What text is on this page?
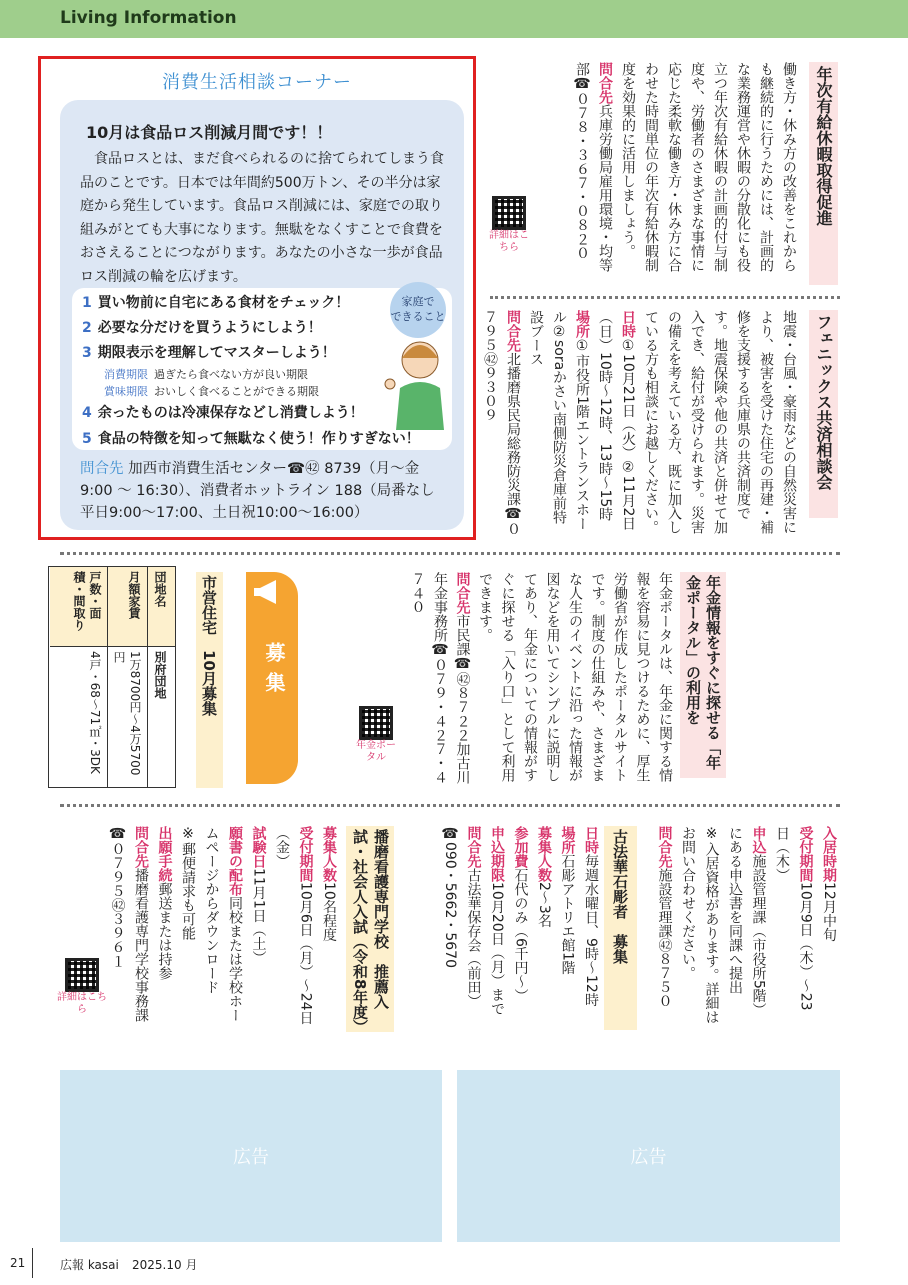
Living Information
消費生活相談コーナー
10月は食品ロス削減月間です！！
食品ロスとは、まだ食べられるのに捨てられてしまう食品のことです。日本では年間約500万トン、その半分は家庭から発生しています。食品ロス削減には、家庭での取り組みがとても大事になります。無駄をなくすことで食費をおさえることにつながります。あなたの小さな一歩が食品ロス削減の輪を広げます。
1 買い物前に自宅にある食材をチェック！
2 必要な分だけを買うようにしよう！
3 期限表示を理解してマスターしよう！
消費期限 過ぎたら食べない方が良い期限
賞味期限 おいしく食べることができる期限
4 余ったものは冷凍保存などし消費しよう！
5 食品の特徴を知って無駄なく使う！作りすぎない！
家庭で
できること
問合先 加西市消費生活センター☎㊷ 8739（月～金
9:00 ～ 16:30）、消費者ホットライン 188（局番なし
平日9:00～17:00、土日祝10:00～16:00）
年次有給休暇取得促進
働き方・休み方の改善をこれからも継続的に行うためには、計画的な業務運営や休暇の分散化にも役立つ年次有給休暇の計画的付与制度や、労働者のさまざまな事情に応じた柔軟な働き方・休み方に合わせた時間単位の年次有給休暇制度を効果的に活用しましょう。
問合先兵庫労働局雇用環境・均等部☎０７８・３６７・０８２０
詳細はこちら
フェニックス共済相談会
地震・台風・豪雨などの自然災害により、被害を受けた住宅の再建・補修を支援する兵庫県の共済制度です。地震保険や他の共済と併せて加入でき、給付が受けられます。災害の備えを考えている方、既に加入している方も相談にお越しください。
日時①10月21日（火）②11月2日（日）10時～12時、13時～15時
場所①市役所1階エントランスホール②soraかさい南側防災倉庫前特設ブース
問合先北播磨県民局総務防災課☎０７９５㊷９３０９
年金情報をすぐに探せる「年金ポータル」の利用を
年金ポータルは、年金に関する情報を容易に見つけるために、厚生労働省が作成したポータルサイトです。制度の仕組みや、さまざまな人生のイベントに沿った情報が図などを用いてシンプルに説明してあり、年金についての情報がすぐに探せる「入り口」として利用できます。
問合先市民課☎㊷８７２２加古川年金事務所☎０７９・４２７・４７４０
年金ポータル
募集
市営住宅　10月募集
団地名
別府団地
月額家賃
1万8700円～4万5700円
戸数・面積・間取り
4戸・68～71㎡・3DK
入居時期12月中旬
受付期間10月9日（木）～23日（木）
申込施設管理課（市役所5階）にある申込書を同課へ提出
※入居資格があります。詳細はお問い合わせください。
問合先施設管理課㊷８７５０
古法華石彫者　募集
日時毎週水曜日、9時～12時
場所石彫アトリエ館1階
募集人数2～3名
参加費石代のみ（6千円～）
申込期限10月20日（月）まで
問合先古法華保存会（前田）☎090・5662・5670
播磨看護専門学校　推薦入試・社会人入試（令和8年度）
募集人数10名程度
受付期間10月6日（月）～24日（金）
試験日11月1日（土）
願書の配布同校または学校ホームページからダウンロード
※郵便請求も可能
出願手続郵送または持参
問合先播磨看護専門学校事務課☎０７９５㊷３９６１
詳細はこちら
広告	広告
21	広報 kasai 2025.10 月
